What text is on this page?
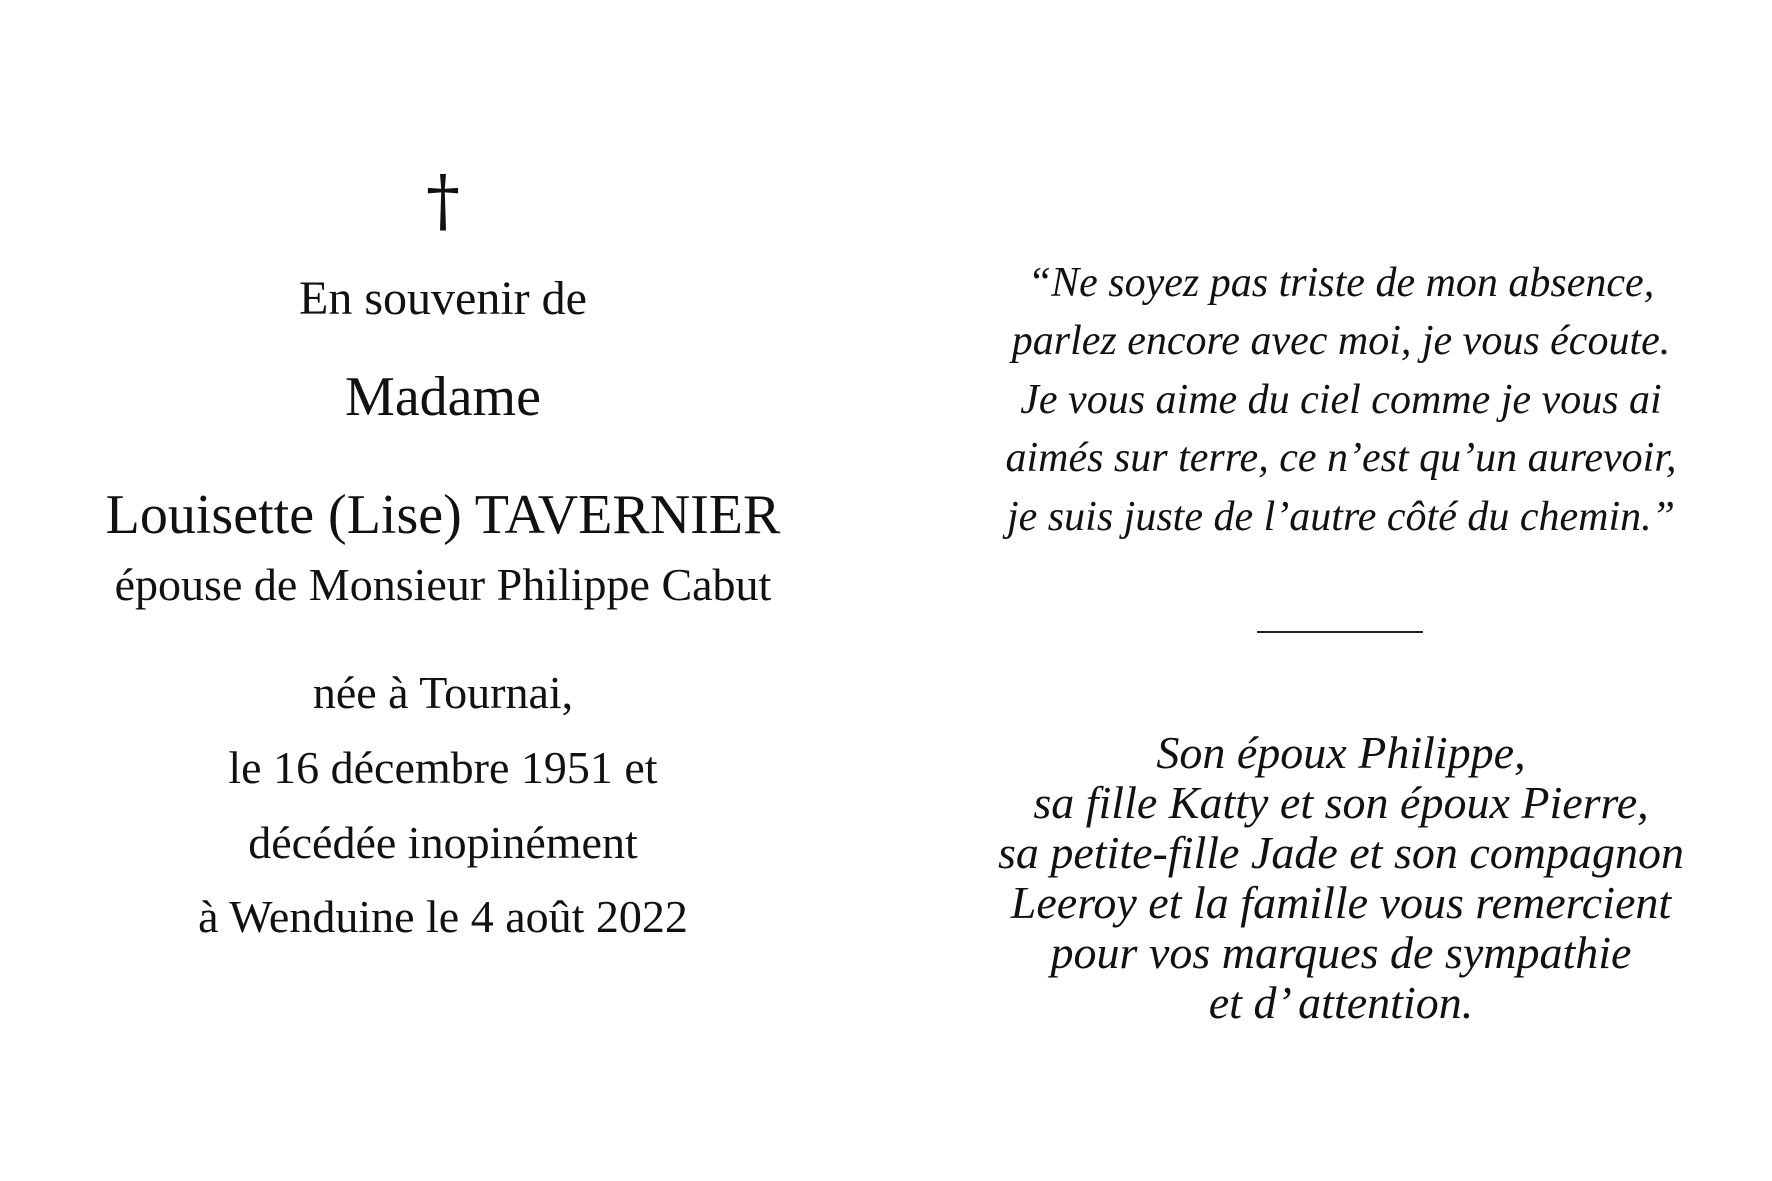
†
En souvenir de
Madame
Louisette (Lise) TAVERNIER
épouse de Monsieur Philippe Cabut
née à Tournai,
le 16 décembre 1951 et
décédée inopinément
à Wenduine le 4 août 2022
“Ne soyez pas triste de mon absence,
parlez encore avec moi, je vous écoute.
Je vous aime du ciel comme je vous ai
aimés sur terre, ce n’est qu’un aurevoir,
je suis juste de l’autre côté du chemin.”
Son époux Philippe,
sa fille Katty et son époux Pierre,
sa petite-fille Jade et son compagnon
Leeroy et la famille vous remercient
pour vos marques de sympathie
et d’ attention.
